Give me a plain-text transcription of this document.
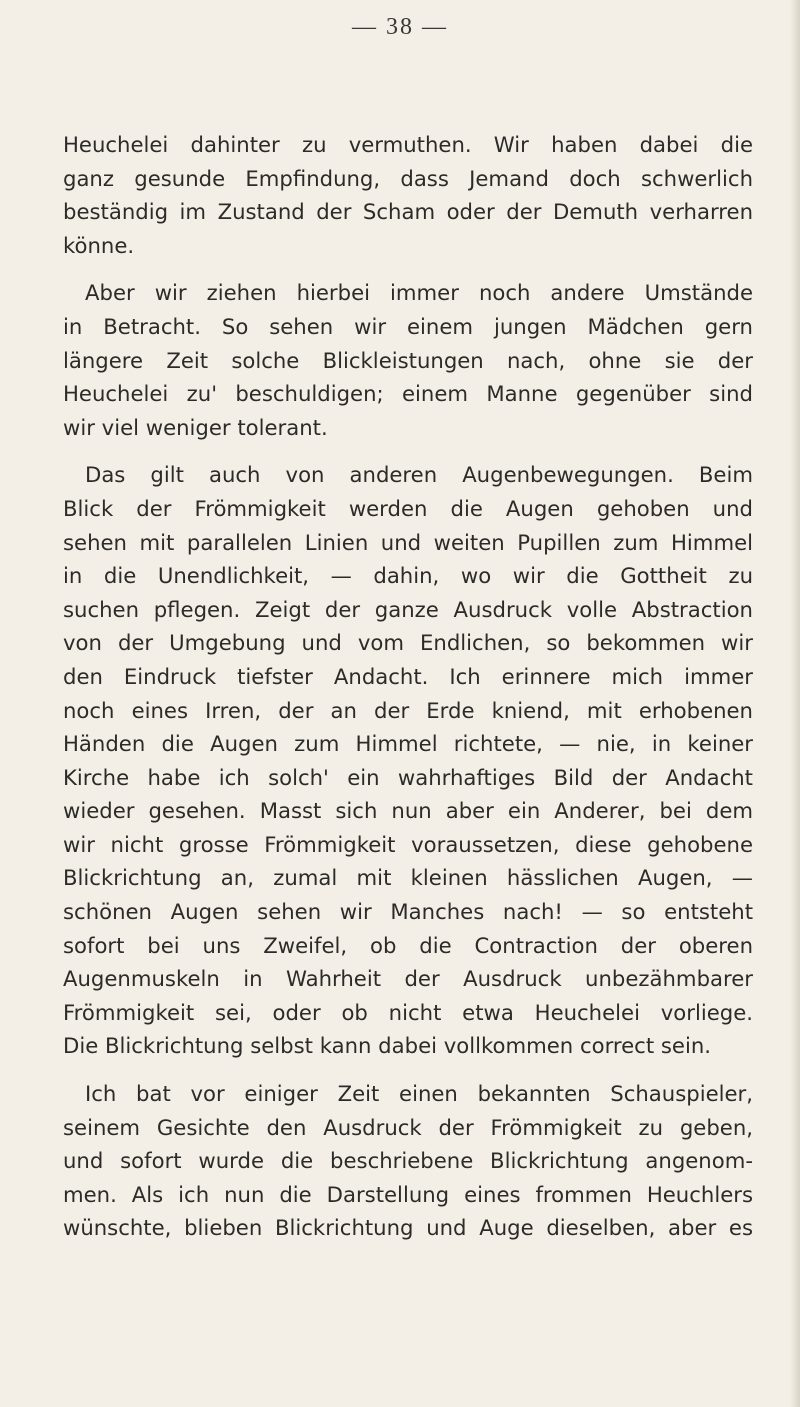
— 38 —
Heuchelei dahinter zu vermuthen. Wir haben dabei die
ganz gesunde Empfindung, dass Jemand doch schwerlich
beständig im Zustand der Scham oder der Demuth verharren
könne.
Aber wir ziehen hierbei immer noch andere Umstände
in Betracht. So sehen wir einem jungen Mädchen gern
längere Zeit solche Blickleistungen nach, ohne sie der
Heuchelei zu' beschuldigen; einem Manne gegenüber sind
wir viel weniger tolerant.
Das gilt auch von anderen Augenbewegungen. Beim
Blick der Frömmigkeit werden die Augen gehoben und
sehen mit parallelen Linien und weiten Pupillen zum Himmel
in die Unendlichkeit, — dahin, wo wir die Gottheit zu
suchen pflegen. Zeigt der ganze Ausdruck volle Abstraction
von der Umgebung und vom Endlichen, so bekommen wir
den Eindruck tiefster Andacht. Ich erinnere mich immer
noch eines Irren, der an der Erde kniend, mit erhobenen
Händen die Augen zum Himmel richtete, — nie, in keiner
Kirche habe ich solch' ein wahrhaftiges Bild der Andacht
wieder gesehen. Masst sich nun aber ein Anderer, bei dem
wir nicht grosse Frömmigkeit voraussetzen, diese gehobene
Blickrichtung an, zumal mit kleinen hässlichen Augen, —
schönen Augen sehen wir Manches nach! — so entsteht
sofort bei uns Zweifel, ob die Contraction der oberen
Augenmuskeln in Wahrheit der Ausdruck unbezähmbarer
Frömmigkeit sei, oder ob nicht etwa Heuchelei vorliege.
Die Blickrichtung selbst kann dabei vollkommen correct sein.
Ich bat vor einiger Zeit einen bekannten Schauspieler,
seinem Gesichte den Ausdruck der Frömmigkeit zu geben,
und sofort wurde die beschriebene Blickrichtung angenom-
men. Als ich nun die Darstellung eines frommen Heuchlers
wünschte, blieben Blickrichtung und Auge dieselben, aber es
